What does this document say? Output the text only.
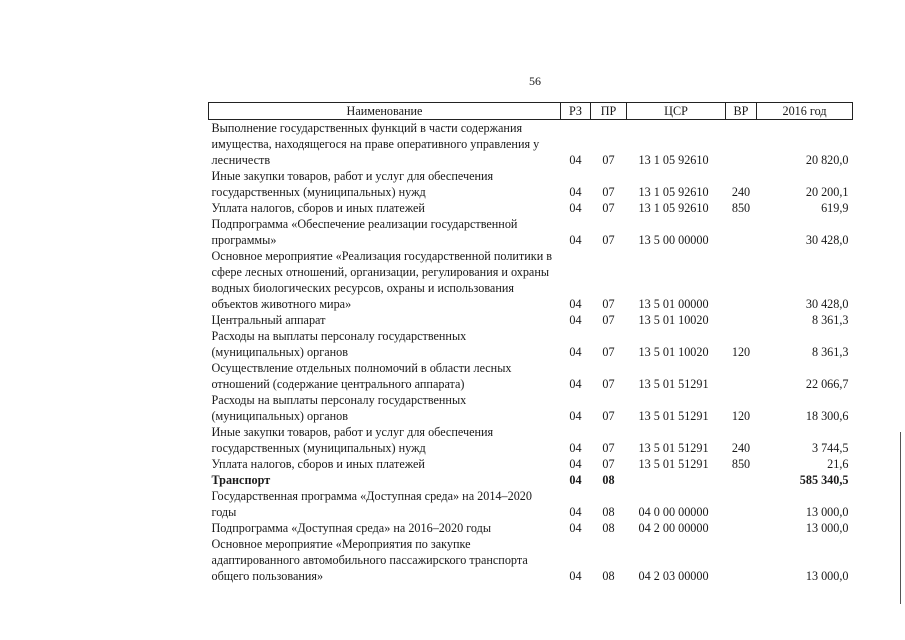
56
Наименование	РЗ	ПР	ЦСР	ВР	2016 год
Выполнение государственных функций в части содержания имущества, находящегося на праве оперативного управления у лесничеств	04	07	13 1 05 92610		20 820,0
Иные закупки товаров, работ и услуг для обеспечения государственных (муниципальных) нужд	04	07	13 1 05 92610	240	20 200,1
Уплата налогов, сборов и иных платежей	04	07	13 1 05 92610	850	619,9
Подпрограмма «Обеспечение реализации государственной программы»	04	07	13 5 00 00000		30 428,0
Основное мероприятие «Реализация государственной политики в сфере лесных отношений, организации, регулирования и охраны водных биологических ресурсов, охраны и использования объектов животного мира»	04	07	13 5 01 00000		30 428,0
Центральный аппарат	04	07	13 5 01 10020		8 361,3
Расходы на выплаты персоналу государственных (муниципальных) органов	04	07	13 5 01 10020	120	8 361,3
Осуществление отдельных полномочий в области лесных отношений (содержание центрального аппарата)	04	07	13 5 01 51291		22 066,7
Расходы на выплаты персоналу государственных (муниципальных) органов	04	07	13 5 01 51291	120	18 300,6
Иные закупки товаров, работ и услуг для обеспечения государственных (муниципальных) нужд	04	07	13 5 01 51291	240	3 744,5
Уплата налогов, сборов и иных платежей	04	07	13 5 01 51291	850	21,6
Транспорт	04	08			585 340,5
Государственная программа «Доступная среда» на 2014–2020 годы	04	08	04 0 00 00000		13 000,0
Подпрограмма «Доступная среда» на 2016–2020 годы	04	08	04 2 00 00000		13 000,0
Основное мероприятие «Мероприятия по закупке адаптированного автомобильного пассажирского транспорта общего пользования»	04	08	04 2 03 00000		13 000,0
